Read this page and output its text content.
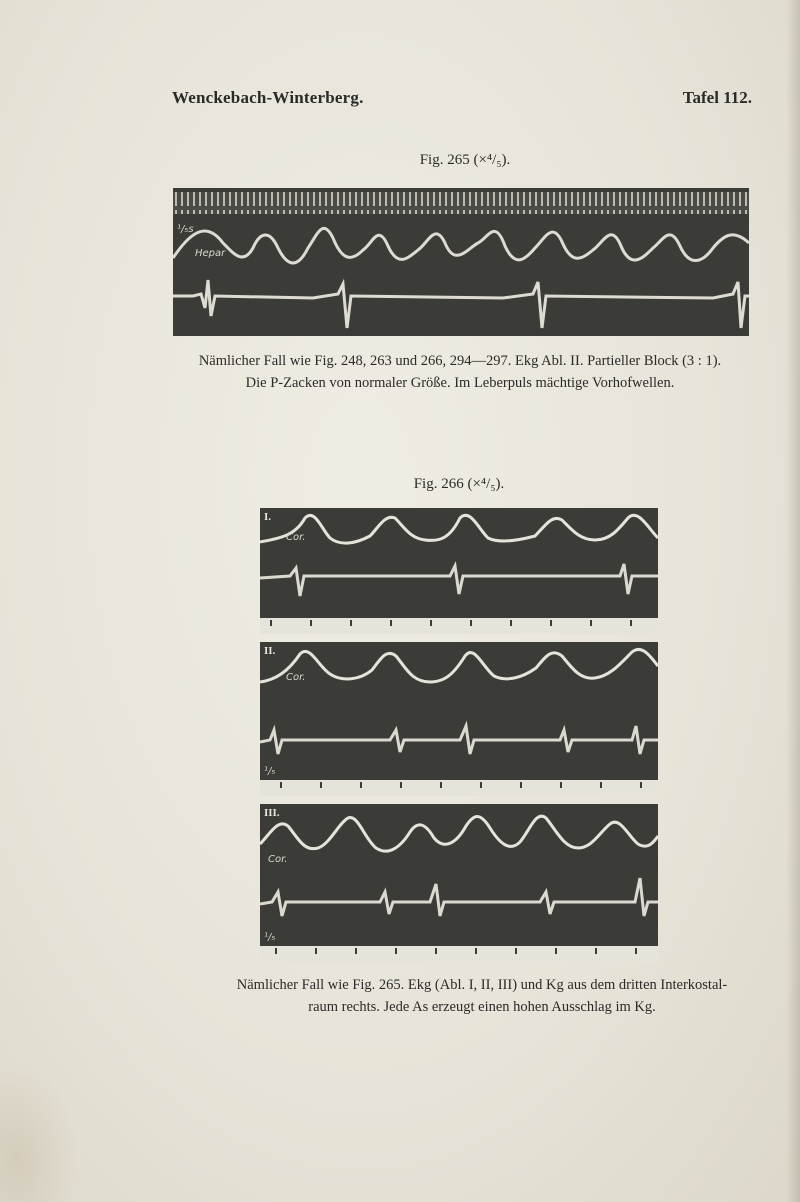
Wenckebach-Winterberg.	Tafel 112.
Fig. 265 (×⁴/₅).
¹/₅s
Hepar
Nämlicher Fall wie Fig. 248, 263 und 266, 294—297. Ekg Abl. II. Partieller Block (3 : 1).
Die P-Zacken von normaler Größe. Im Leberpuls mächtige Vorhofwellen.
Fig. 266 (×⁴/₅).
I.
Cor.
II.
Cor.
¹/₅
III.
Cor.
¹/₅
Nämlicher Fall wie Fig. 265. Ekg (Abl. I, II, III) und Kg aus dem dritten Interkostal-
raum rechts. Jede As erzeugt einen hohen Ausschlag im Kg.
